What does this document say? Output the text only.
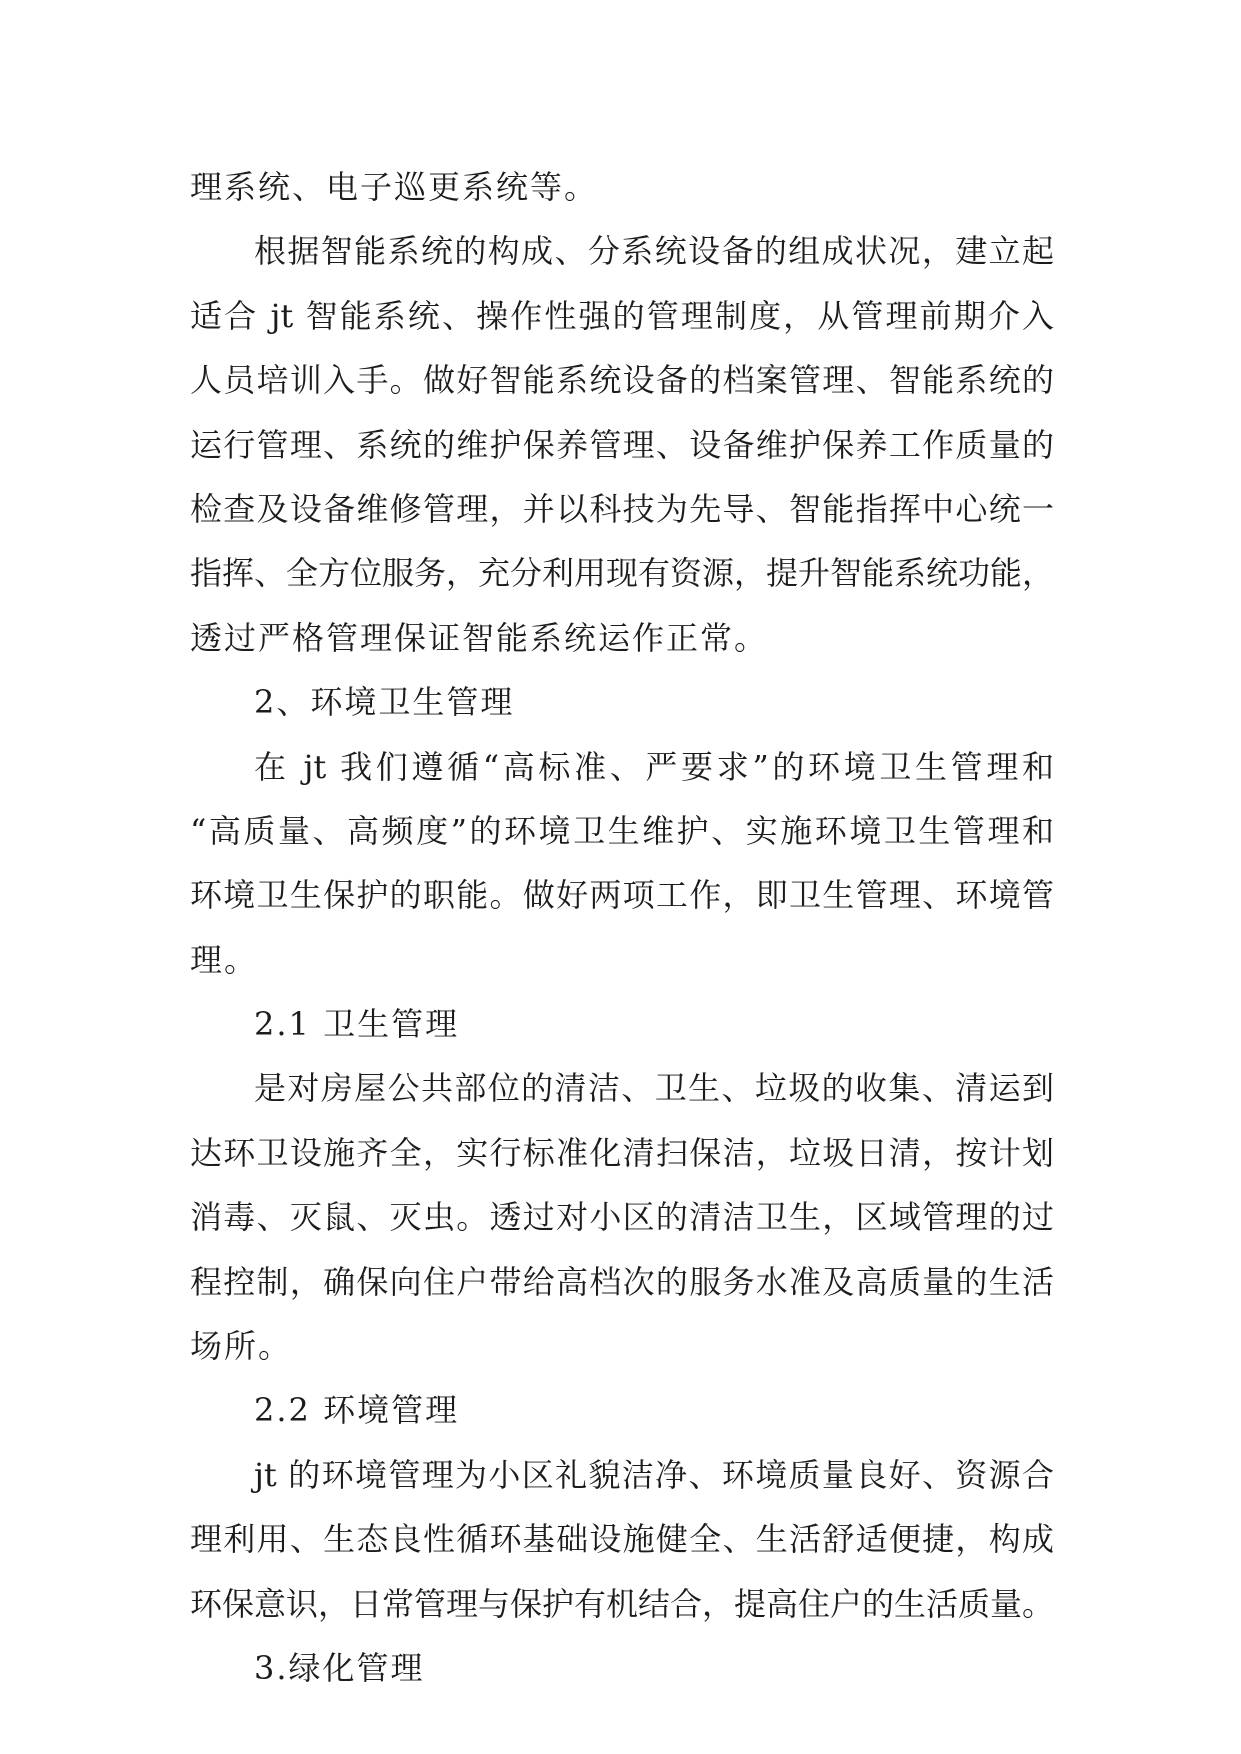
理系统、电子巡更系统等。
根据智能系统的构成、分系统设备的组成状况，建立起
适合 jt 智能系统、操作性强的管理制度，从管理前期介入
人员培训入手。做好智能系统设备的档案管理、智能系统的
运行管理、系统的维护保养管理、设备维护保养工作质量的
检查及设备维修管理，并以科技为先导、智能指挥中心统一
指挥、全方位服务，充分利用现有资源，提升智能系统功能，
透过严格管理保证智能系统运作正常。
2、环境卫生管理
在 jt 我们遵循“高标准、严要求”的环境卫生管理和
“高质量、高频度”的环境卫生维护、实施环境卫生管理和
环境卫生保护的职能。做好两项工作，即卫生管理、环境管
理。
2.1 卫生管理
是对房屋公共部位的清洁、卫生、垃圾的收集、清运到
达环卫设施齐全，实行标准化清扫保洁，垃圾日清，按计划
消毒、灭鼠、灭虫。透过对小区的清洁卫生，区域管理的过
程控制，确保向住户带给高档次的服务水准及高质量的生活
场所。
2.2 环境管理
jt 的环境管理为小区礼貌洁净、环境质量良好、资源合
理利用、生态良性循环基础设施健全、生活舒适便捷，构成
环保意识，日常管理与保护有机结合，提高住户的生活质量。
3.绿化管理
